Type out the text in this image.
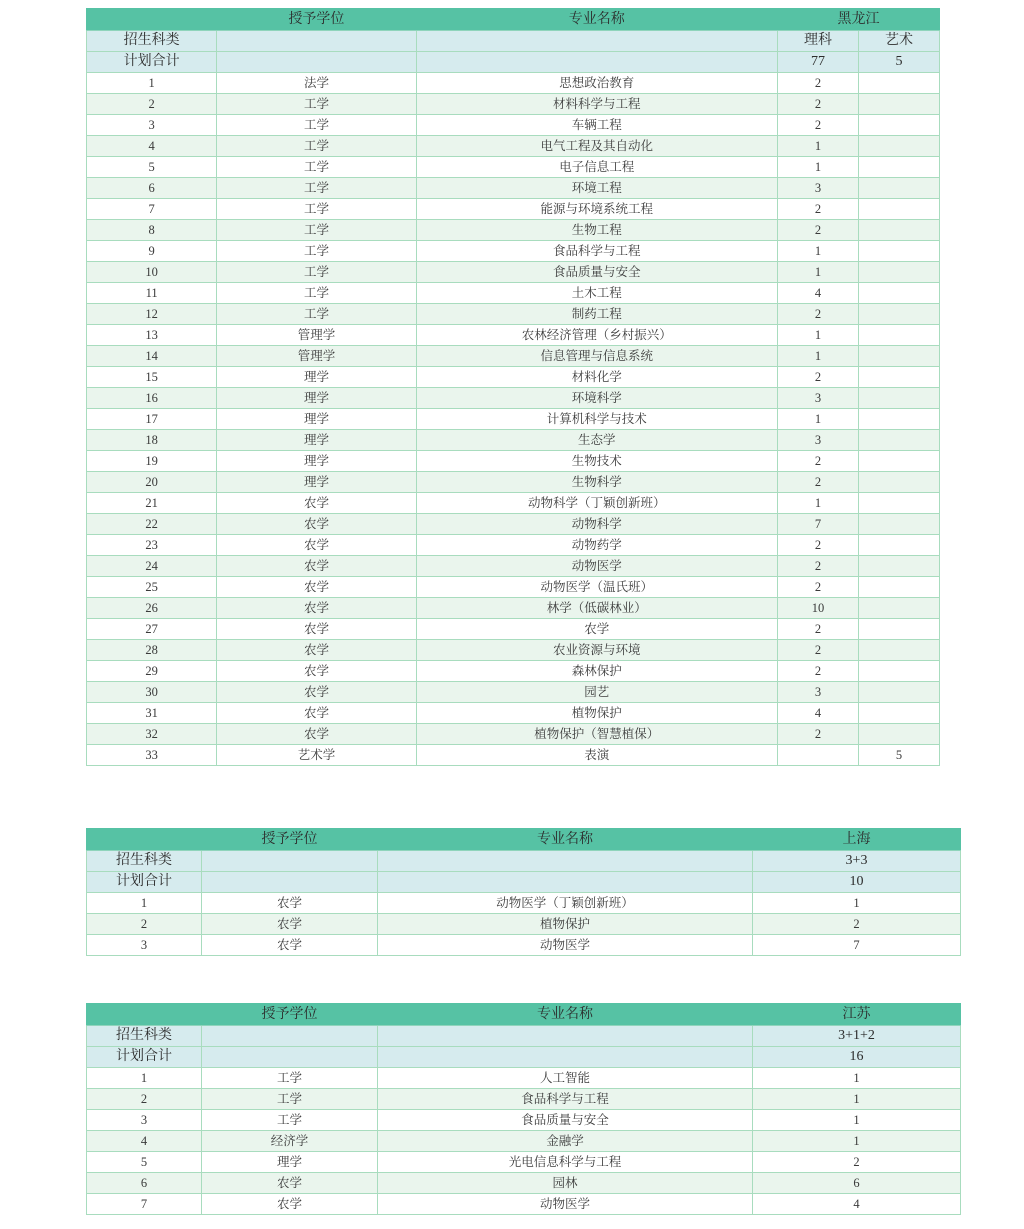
	授予学位	专业名称	黑龙江	
招生科类			理科	艺术
计划合计			77	5
1	法学	思想政治教育	2	
2	工学	材料科学与工程	2	
3	工学	车辆工程	2	
4	工学	电气工程及其自动化	1	
5	工学	电子信息工程	1	
6	工学	环境工程	3	
7	工学	能源与环境系统工程	2	
8	工学	生物工程	2	
9	工学	食品科学与工程	1	
10	工学	食品质量与安全	1	
11	工学	土木工程	4	
12	工学	制药工程	2	
13	管理学	农林经济管理（乡村振兴）	1	
14	管理学	信息管理与信息系统	1	
15	理学	材料化学	2	
16	理学	环境科学	3	
17	理学	计算机科学与技术	1	
18	理学	生态学	3	
19	理学	生物技术	2	
20	理学	生物科学	2	
21	农学	动物科学（丁颖创新班）	1	
22	农学	动物科学	7	
23	农学	动物药学	2	
24	农学	动物医学	2	
25	农学	动物医学（温氏班）	2	
26	农学	林学（低碳林业）	10	
27	农学	农学	2	
28	农学	农业资源与环境	2	
29	农学	森林保护	2	
30	农学	园艺	3	
31	农学	植物保护	4	
32	农学	植物保护（智慧植保）	2	
33	艺术学	表演		5
	授予学位	专业名称	上海
招生科类			3+3
计划合计			10
1	农学	动物医学（丁颖创新班）	1
2	农学	植物保护	2
3	农学	动物医学	7
	授予学位	专业名称	江苏
招生科类			3+1+2
计划合计			16
1	工学	人工智能	1
2	工学	食品科学与工程	1
3	工学	食品质量与安全	1
4	经济学	金融学	1
5	理学	光电信息科学与工程	2
6	农学	园林	6
7	农学	动物医学	4
